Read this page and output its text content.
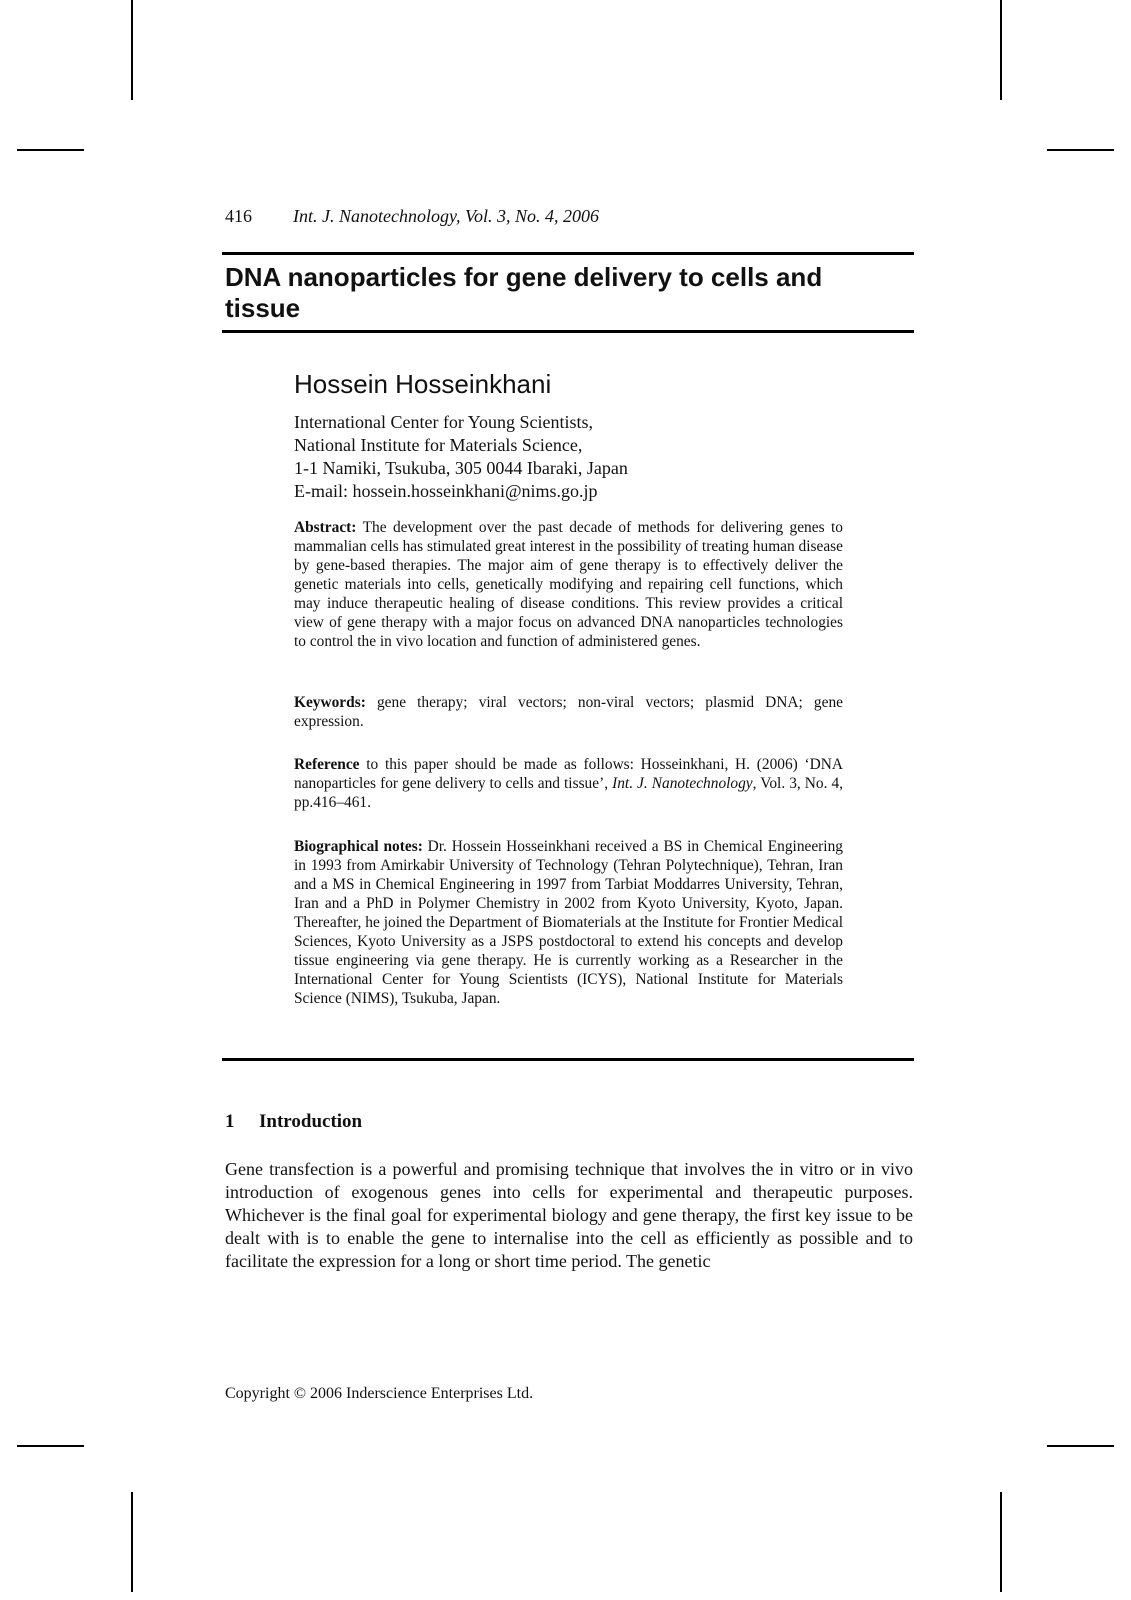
416 Int. J. Nanotechnology, Vol. 3, No. 4, 2006
DNA nanoparticles for gene delivery to cells and tissue
Hossein Hosseinkhani
International Center for Young Scientists,
National Institute for Materials Science,
1-1 Namiki, Tsukuba, 305 0044 Ibaraki, Japan
E-mail: hossein.hosseinkhani@nims.go.jp

Abstract: The development over the past decade of methods for delivering genes to mammalian cells has stimulated great interest in the possibility of treating human disease by gene-based therapies. The major aim of gene therapy is to effectively deliver the genetic materials into cells, genetically modifying and repairing cell functions, which may induce therapeutic healing of disease conditions. This review provides a critical view of gene therapy with a major focus on advanced DNA nanoparticles technologies to control the in vivo location and function of administered genes.

Keywords: gene therapy; viral vectors; non-viral vectors; plasmid DNA; gene expression.

Reference to this paper should be made as follows: Hosseinkhani, H. (2006) ‘DNA nanoparticles for gene delivery to cells and tissue’, Int. J. Nanotechnology, Vol. 3, No. 4, pp.416–461.

Biographical notes: Dr. Hossein Hosseinkhani received a BS in Chemical Engineering in 1993 from Amirkabir University of Technology (Tehran Polytechnique), Tehran, Iran and a MS in Chemical Engineering in 1997 from Tarbiat Moddarres University, Tehran, Iran and a PhD in Polymer Chemistry in 2002 from Kyoto University, Kyoto, Japan. Thereafter, he joined the Department of Biomaterials at the Institute for Frontier Medical Sciences, Kyoto University as a JSPS postdoctoral to extend his concepts and develop tissue engineering via gene therapy. He is currently working as a Researcher in the International Center for Young Scientists (ICYS), National Institute for Materials Science (NIMS), Tsukuba, Japan.

1 Introduction

Gene transfection is a powerful and promising technique that involves the in vitro or in vivo introduction of exogenous genes into cells for experimental and therapeutic purposes. Whichever is the final goal for experimental biology and gene therapy, the first key issue to be dealt with is to enable the gene to internalise into the cell as efficiently as possible and to facilitate the expression for a long or short time period. The genetic

Copyright © 2006 Inderscience Enterprises Ltd.
